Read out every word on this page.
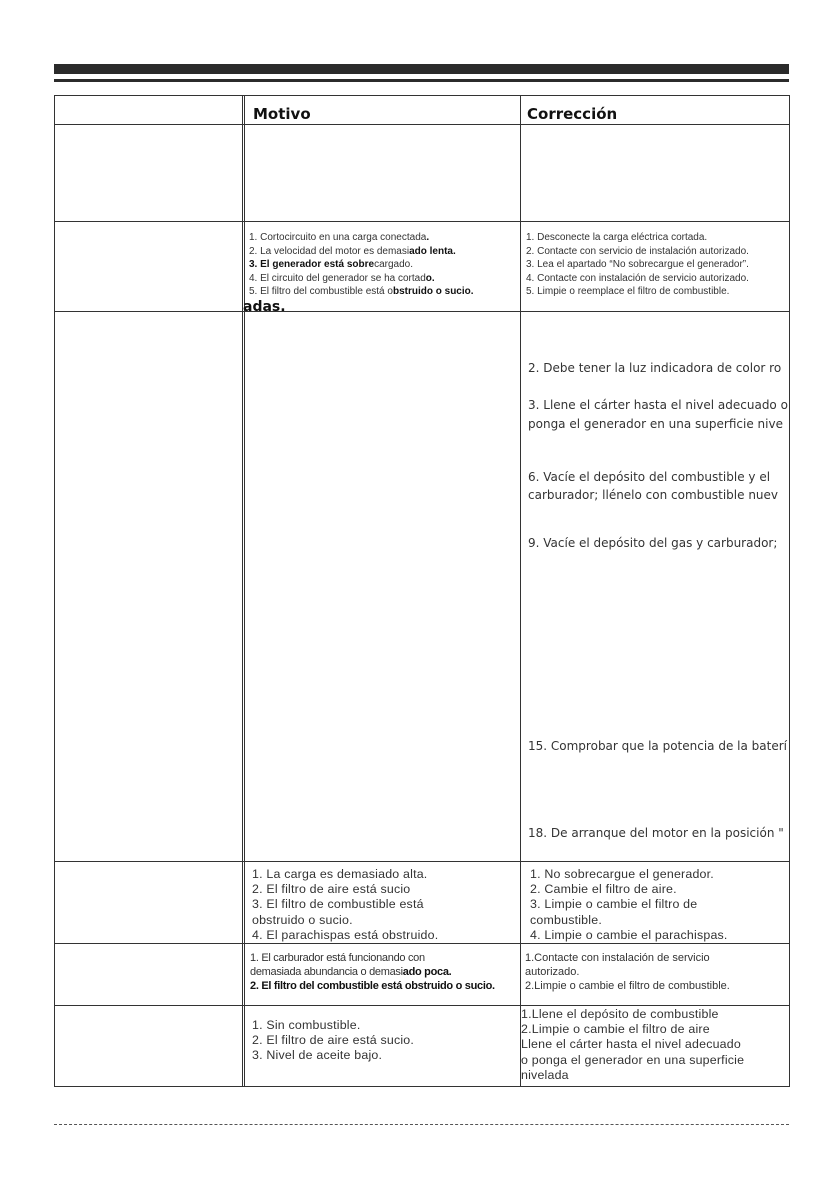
Motivo	Corrección
1. Cortocircuito en una carga conectada.
2. La velocidad del motor es demasiado lenta.
3. El generador está sobrecargado.
4. El circuito del generador se ha cortado.
5. El filtro del combustible está obstruido o sucio.
1. Desconecte la carga eléctrica cortada.
2. Contacte con servicio de instalación autorizado.
3. Lea el apartado “No sobrecargue el generador”.
4. Contacte con instalación de servicio autorizado.
5. Limpie o reemplace el filtro de combustible.
adas.
2. Debe tener la luz indicadora de color ro
3. Llene el cárter hasta el nivel adecuado o
ponga el generador en una superficie nive
6. Vacíe el depósito del combustible y el
carburador; llénelo con combustible nuev
9. Vacíe el depósito del gas y carburador;
15. Comprobar que la potencia de la baterí
18. De arranque del motor en la posición "
1. La carga es demasiado alta.
2. El filtro de aire está sucio
3. El filtro de combustible está
obstruido o sucio.
4. El parachispas está obstruido.
1. No sobrecargue el generador.
2. Cambie el filtro de aire.
3. Limpie o cambie el filtro de
combustible.
4. Limpie o cambie el parachispas.
1. El carburador está funcionando con
demasiada abundancia o demasiado poca.
2. El filtro del combustible está obstruido o sucio.
1.Contacte con instalación de servicio
autorizado.
2.Limpie o cambie el filtro de combustible.
1. Sin combustible.
2. El filtro de aire está sucio.
3. Nivel de aceite bajo.
1.Llene el depósito de combustible
2.Limpie o cambie el filtro de aire
Llene el cárter hasta el nivel adecuado
o ponga el generador en una superficie
nivelada
